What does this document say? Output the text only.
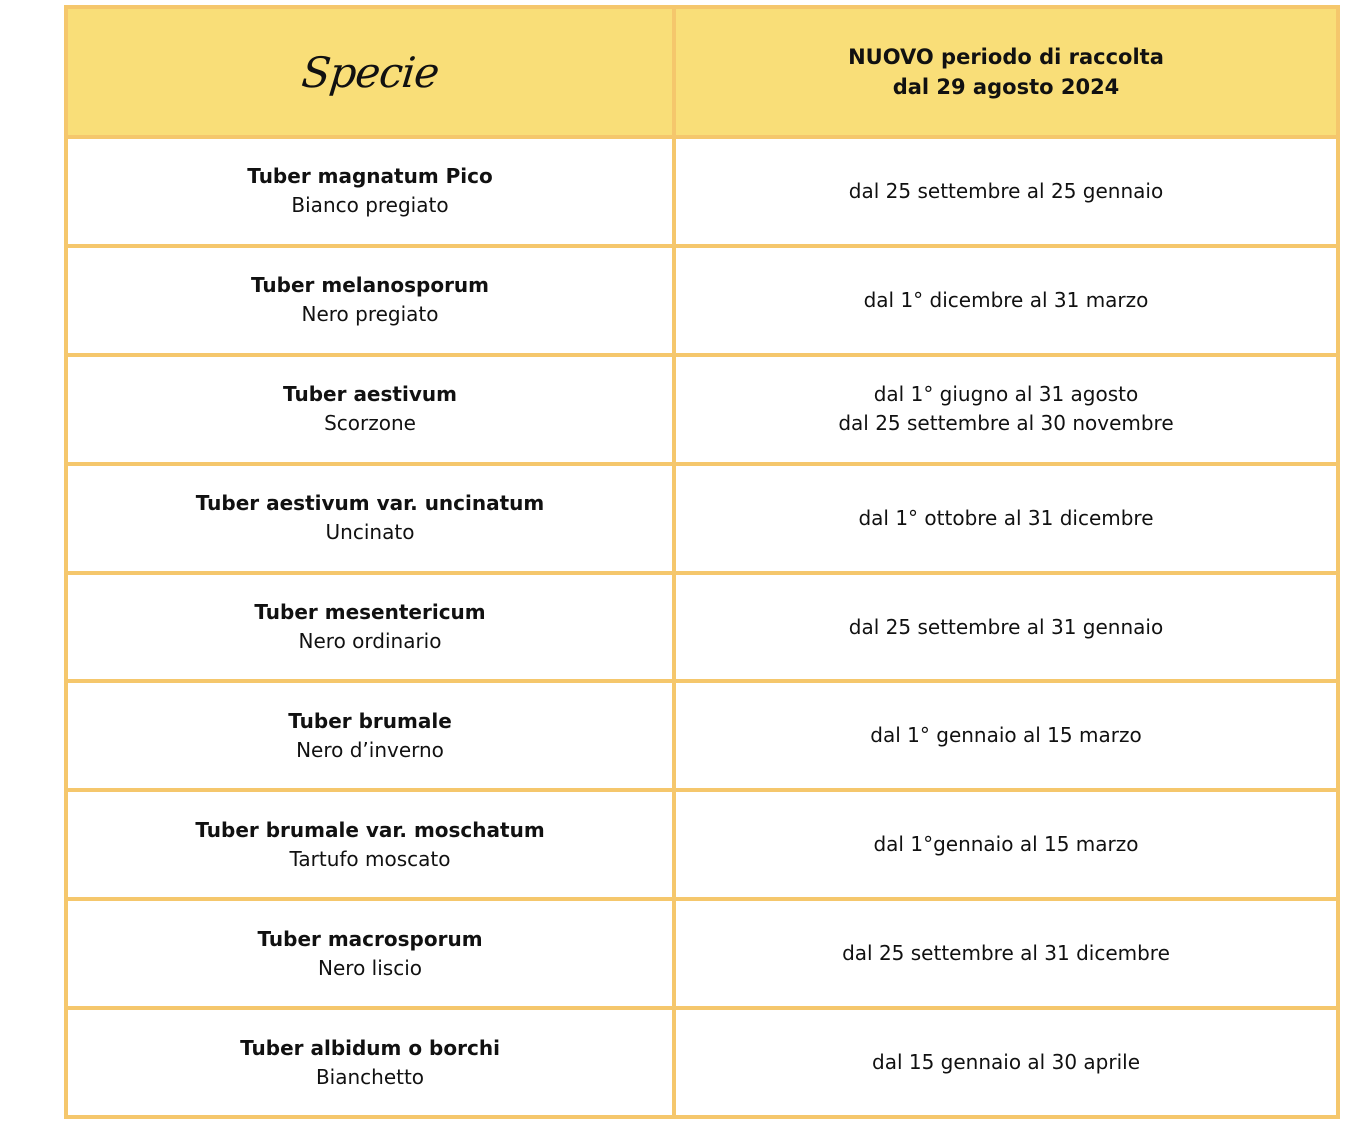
Specie	NUOVO periodo di raccolta
dal 29 agosto 2024

Tuber magnatum Pico
Bianco pregiato	dal 25 settembre al 25 gennaio

Tuber melanosporum
Nero pregiato	dal 1° dicembre al 31 marzo

Tuber aestivum
Scorzone	dal 1° giugno al 31 agosto
dal 25 settembre al 30 novembre

Tuber aestivum var. uncinatum
Uncinato	dal 1° ottobre al 31 dicembre

Tuber mesentericum
Nero ordinario	dal 25 settembre al 31 gennaio

Tuber brumale
Nero d’inverno	dal 1° gennaio al 15 marzo

Tuber brumale var. moschatum
Tartufo moscato	dal 1°gennaio al 15 marzo

Tuber macrosporum
Nero liscio	dal 25 settembre al 31 dicembre

Tuber albidum o borchi
Bianchetto	dal 15 gennaio al 30 aprile
